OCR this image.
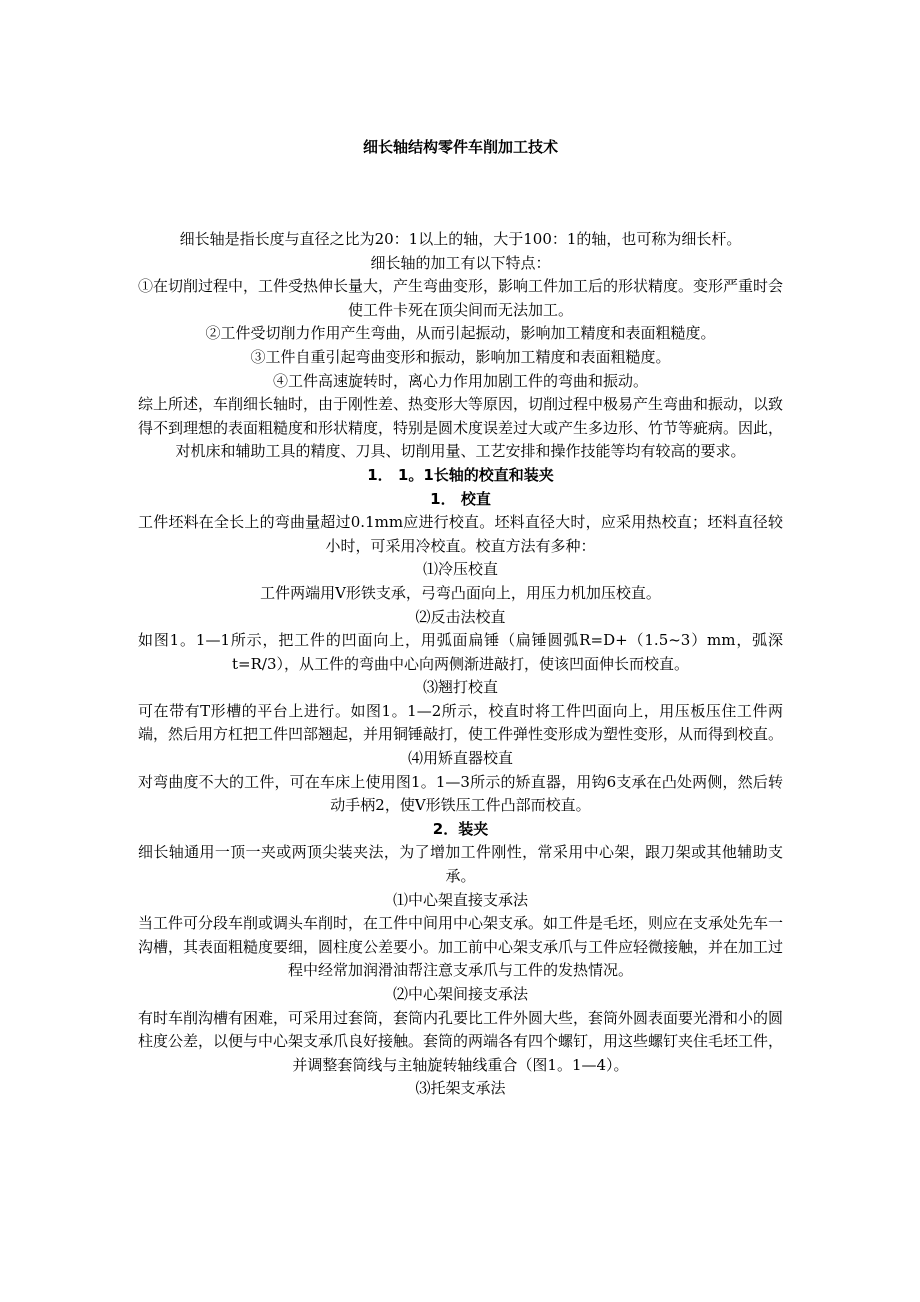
细长轴结构零件车削加工技术

细长轴是指长度与直径之比为20：1以上的轴，大于100：1的轴，也可称为细长杆。

细长轴的加工有以下特点：

①在切削过程中，工件受热伸长量大，产生弯曲变形，影响工件加工后的形状精度。变形严重时会使工件卡死在顶尖间而无法加工。

②工件受切削力作用产生弯曲，从而引起振动，影响加工精度和表面粗糙度。

③工件自重引起弯曲变形和振动，影响加工精度和表面粗糙度。

④工件高速旋转时，离心力作用加剧工件的弯曲和振动。

综上所述，车削细长轴时，由于刚性差、热变形大等原因，切削过程中极易产生弯曲和振动，以致得不到理想的表面粗糙度和形状精度，特别是圆术度误差过大或产生多边形、竹节等疵病。因此，对机床和辅助工具的精度、刀具、切削用量、工艺安排和操作技能等均有较高的要求。

1． 1。1长轴的校直和装夹

1． 校直

工件坯料在全长上的弯曲量超过0.1mm应进行校直。坯料直径大时，应采用热校直；坯料直径较小时，可采用冷校直。校直方法有多种：

⑴冷压校直

工件两端用V形铁支承，弓弯凸面向上，用压力机加压校直。

⑵反击法校直

如图1。1—1所示，把工件的凹面向上，用弧面扁锤（扁锤圆弧R=D+（1.5~3）mm，弧深t=R/3），从工件的弯曲中心向两侧渐进敲打，使该凹面伸长而校直。

⑶翘打校直

可在带有T形槽的平台上进行。如图1。1—2所示，校直时将工件凹面向上，用压板压住工件两端，然后用方杠把工件凹部翘起，并用铜锤敲打，使工件弹性变形成为塑性变形，从而得到校直。

⑷用矫直器校直

对弯曲度不大的工件，可在车床上使用图1。1—3所示的矫直器，用钩6支承在凸处两侧，然后转动手柄2，使V形铁压工件凸部而校直。

2．装夹

细长轴通用一顶一夹或两顶尖装夹法，为了增加工件刚性，常采用中心架，跟刀架或其他辅助支承。

⑴中心架直接支承法

当工件可分段车削或调头车削时，在工件中间用中心架支承。如工件是毛坯，则应在支承处先车一沟槽，其表面粗糙度要细，圆柱度公差要小。加工前中心架支承爪与工件应轻微接触，并在加工过程中经常加润滑油帮注意支承爪与工件的发热情况。

⑵中心架间接支承法

有时车削沟槽有困难，可采用过套筒，套筒内孔要比工件外圆大些，套筒外圆表面要光滑和小的圆柱度公差，以便与中心架支承爪良好接触。套筒的两端各有四个螺钉，用这些螺钉夹住毛坯工件，并调整套筒线与主轴旋转轴线重合（图1。1—4）。

⑶托架支承法
